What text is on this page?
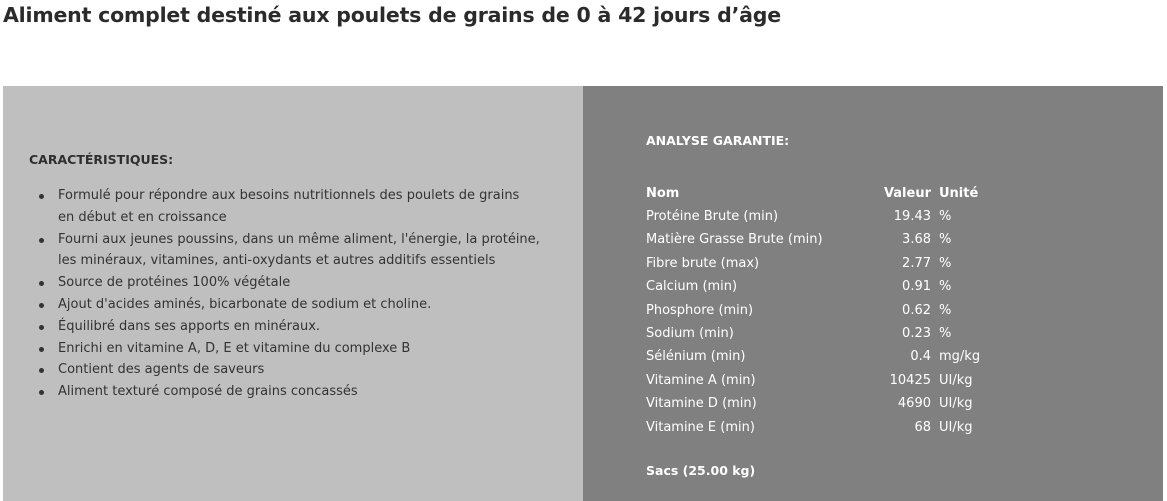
Aliment complet destiné aux poulets de grains de 0 à 42 jours d’âge
CARACTÉRISTIQUES:
Formulé pour répondre aux besoins nutritionnels des poulets de grains
en début et en croissance
Fourni aux jeunes poussins, dans un même aliment, l'énergie, la protéine,
les minéraux, vitamines, anti-oxydants et autres additifs essentiels
Source de protéines 100% végétale
Ajout d'acides aminés, bicarbonate de sodium et choline.
Équilibré dans ses apports en minéraux.
Enrichi en vitamine A, D, E et vitamine du complexe B
Contient des agents de saveurs
Aliment texturé composé de grains concassés
ANALYSE GARANTIE:
Nom	Valeur	Unité
Protéine Brute (min)	19.43	%
Matière Grasse Brute (min)	3.68	%
Fibre brute (max)	2.77	%
Calcium (min)	0.91	%
Phosphore (min)	0.62	%
Sodium (min)	0.23	%
Sélénium (min)	0.4	mg/kg
Vitamine A (min)	10425	UI/kg
Vitamine D (min)	4690	UI/kg
Vitamine E (min)	68	UI/kg

Sacs (25.00 kg)
